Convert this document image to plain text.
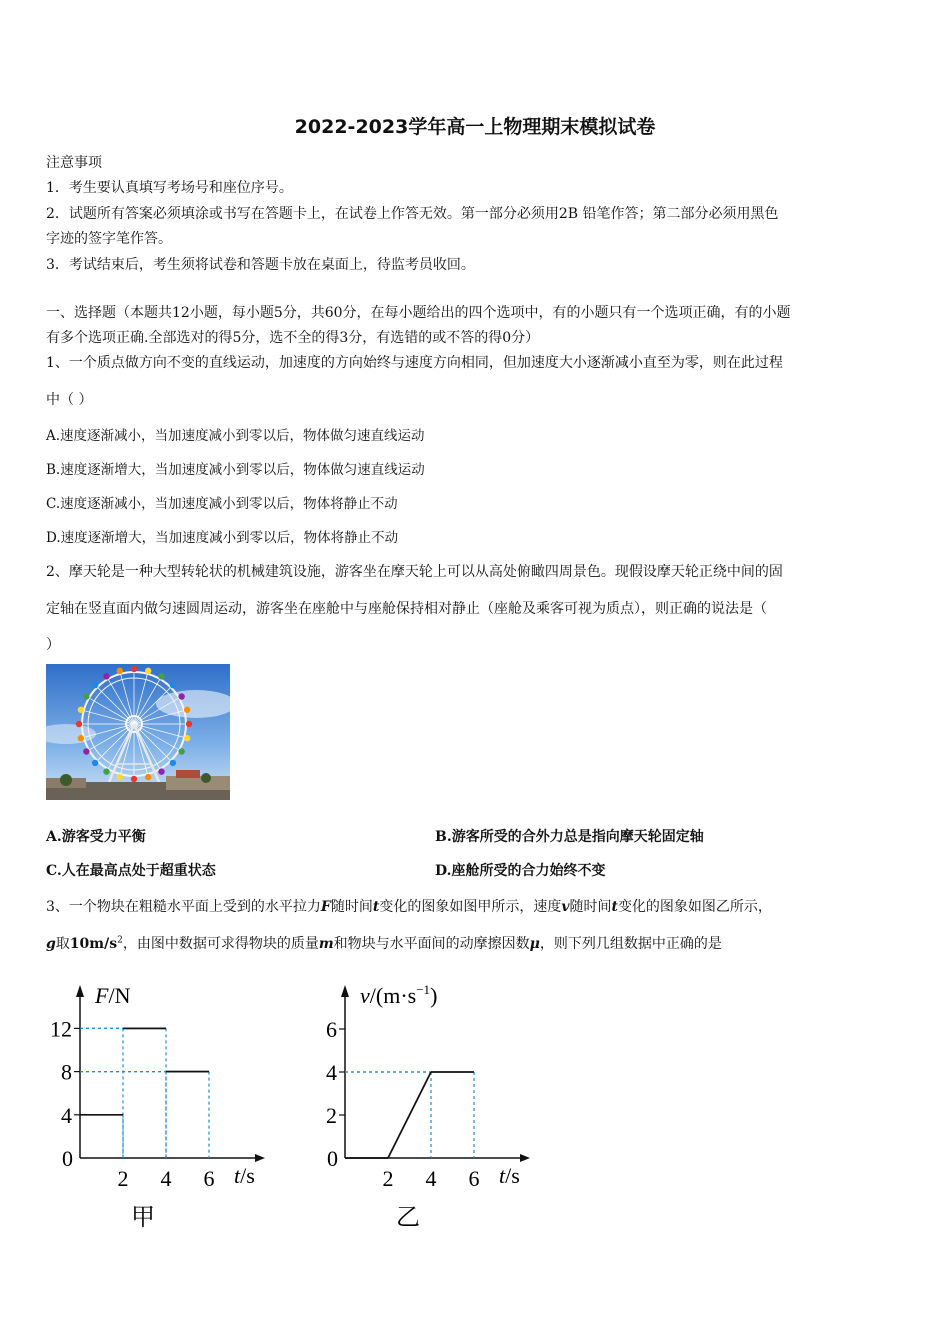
2022-2023学年高一上物理期末模拟试卷
注意事项
1．考生要认真填写考场号和座位序号。
2．试题所有答案必须填涂或书写在答题卡上，在试卷上作答无效。第一部分必须用2B 铅笔作答；第二部分必须用黑色
字迹的签字笔作答。
3．考试结束后，考生须将试卷和答题卡放在桌面上，待监考员收回。
一、选择题（本题共12小题，每小题5分，共60分，在每小题给出的四个选项中，有的小题只有一个选项正确，有的小题
有多个选项正确.全部选对的得5分，选不全的得3分，有选错的或不答的得0分）
1、一个质点做方向不变的直线运动，加速度的方向始终与速度方向相同，但加速度大小逐渐减小直至为零，则在此过程
中（ ）
A.速度逐渐减小，当加速度减小到零以后，物体做匀速直线运动
B.速度逐渐增大，当加速度减小到零以后，物体做匀速直线运动
C.速度逐渐减小，当加速度减小到零以后，物体将静止不动
D.速度逐渐增大，当加速度减小到零以后，物体将静止不动
2、摩天轮是一种大型转轮状的机械建筑设施，游客坐在摩天轮上可以从高处俯瞰四周景色。现假设摩天轮正绕中间的固
定轴在竖直面内做匀速圆周运动，游客坐在座舱中与座舱保持相对静止（座舱及乘客可视为质点），则正确的说法是（
）
A.游客受力平衡	B.游客所受的合外力总是指向摩天轮固定轴
C.人在最高点处于超重状态	D.座舱所受的合力始终不变
3、一个物块在粗糙水平面上受到的水平拉力F随时间t变化的图象如图甲所示，速度v随时间t变化的图象如图乙所示，
g取$10m/s^2$，由图中数据可求得物块的质量m和物块与水平面间的动摩擦因数μ，则下列几组数据中正确的是
F/N
t/s
0
2 4 6
4
8
12
甲
$v/(m\cdot s^{-1})$
t/s
0
2 4 6
2
4
6
乙
